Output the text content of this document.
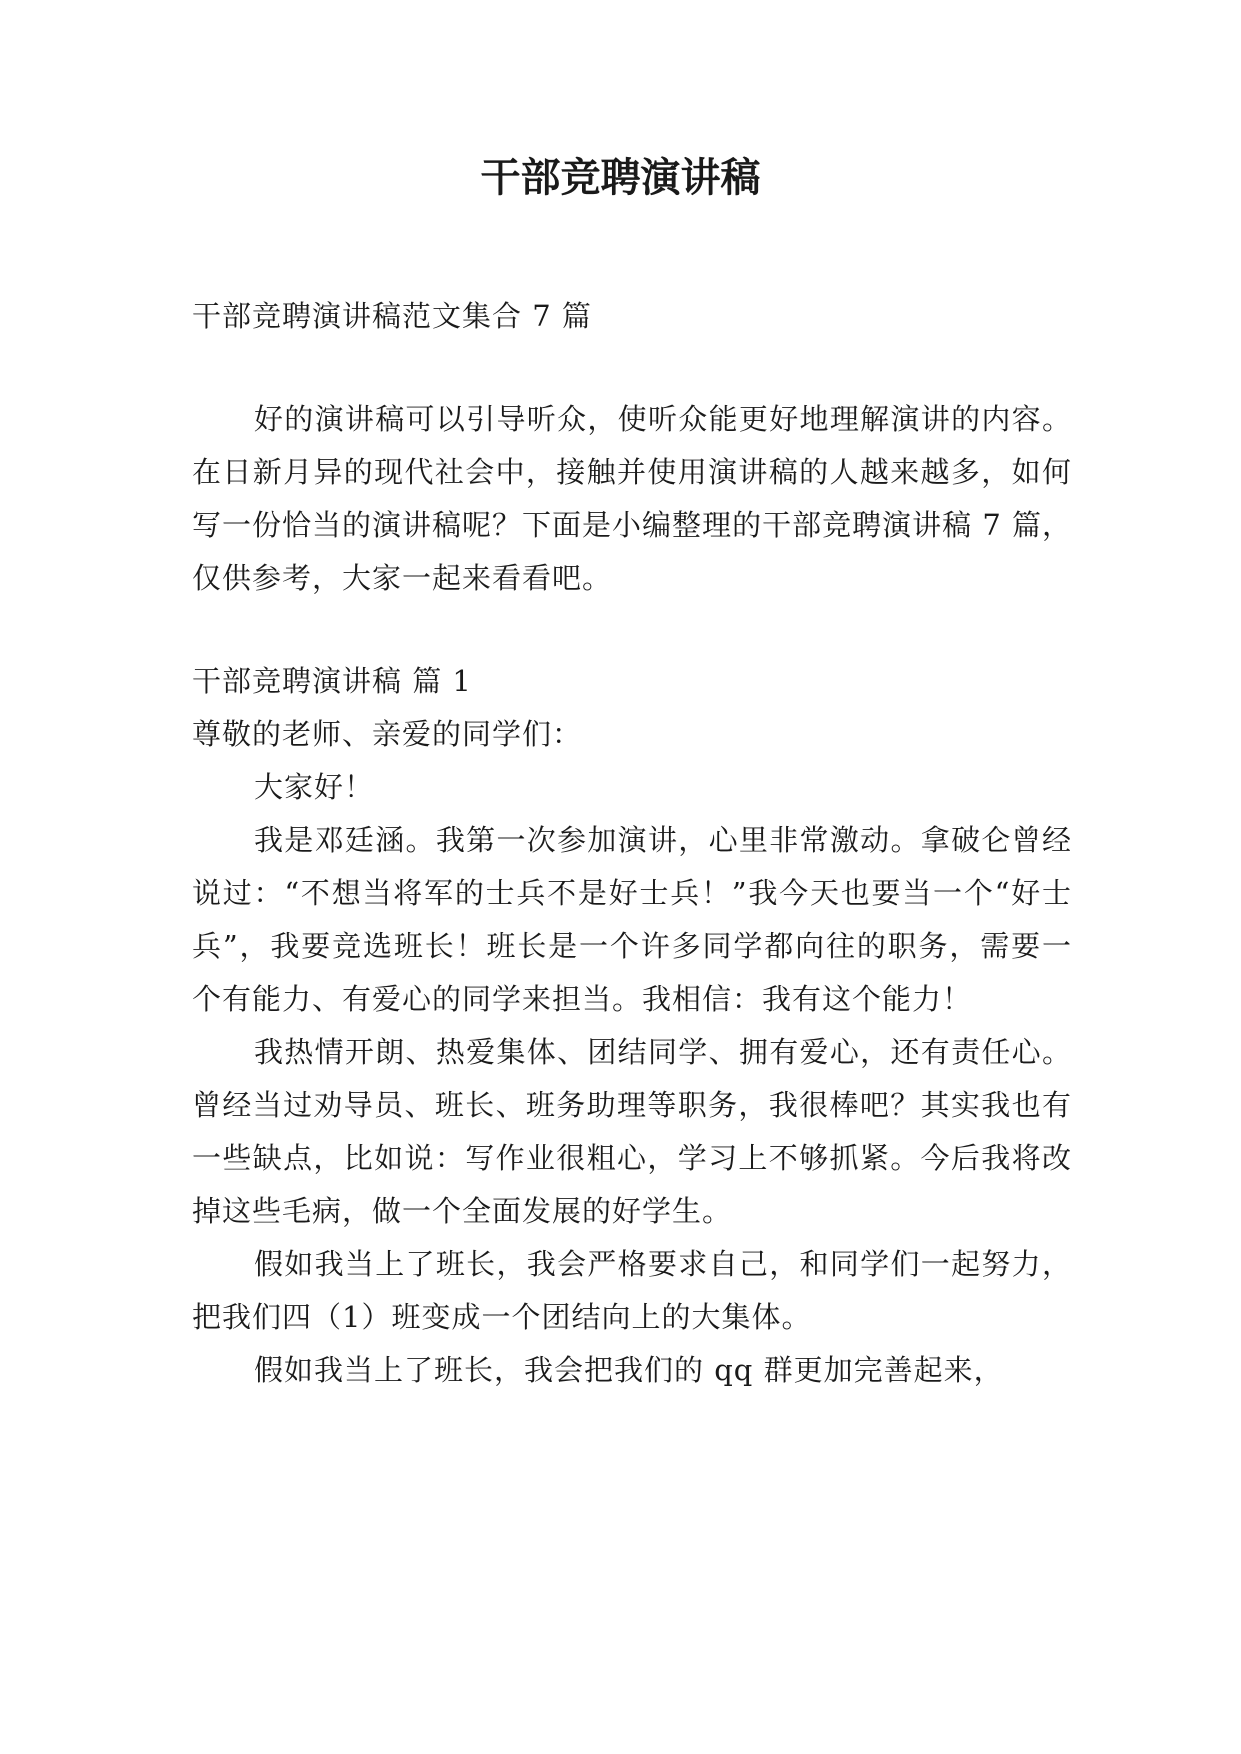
干部竞聘演讲稿

干部竞聘演讲稿范文集合 7 篇

好的演讲稿可以引导听众，使听众能更好地理解演讲的内容。在日新月异的现代社会中，接触并使用演讲稿的人越来越多，如何写一份恰当的演讲稿呢？下面是小编整理的干部竞聘演讲稿 7 篇，仅供参考，大家一起来看看吧。

干部竞聘演讲稿 篇 1

尊敬的老师、亲爱的同学们：

大家好！

我是邓廷涵。我第一次参加演讲，心里非常激动。拿破仑曾经说过：“不想当将军的士兵不是好士兵！”我今天也要当一个“好士兵”，我要竞选班长！班长是一个许多同学都向往的职务，需要一个有能力、有爱心的同学来担当。我相信：我有这个能力！

我热情开朗、热爱集体、团结同学、拥有爱心，还有责任心。曾经当过劝导员、班长、班务助理等职务，我很棒吧？其实我也有一些缺点，比如说：写作业很粗心，学习上不够抓紧。今后我将改掉这些毛病，做一个全面发展的好学生。

假如我当上了班长，我会严格要求自己，和同学们一起努力，把我们四（1）班变成一个团结向上的大集体。

假如我当上了班长，我会把我们的 qq 群更加完善起来，
